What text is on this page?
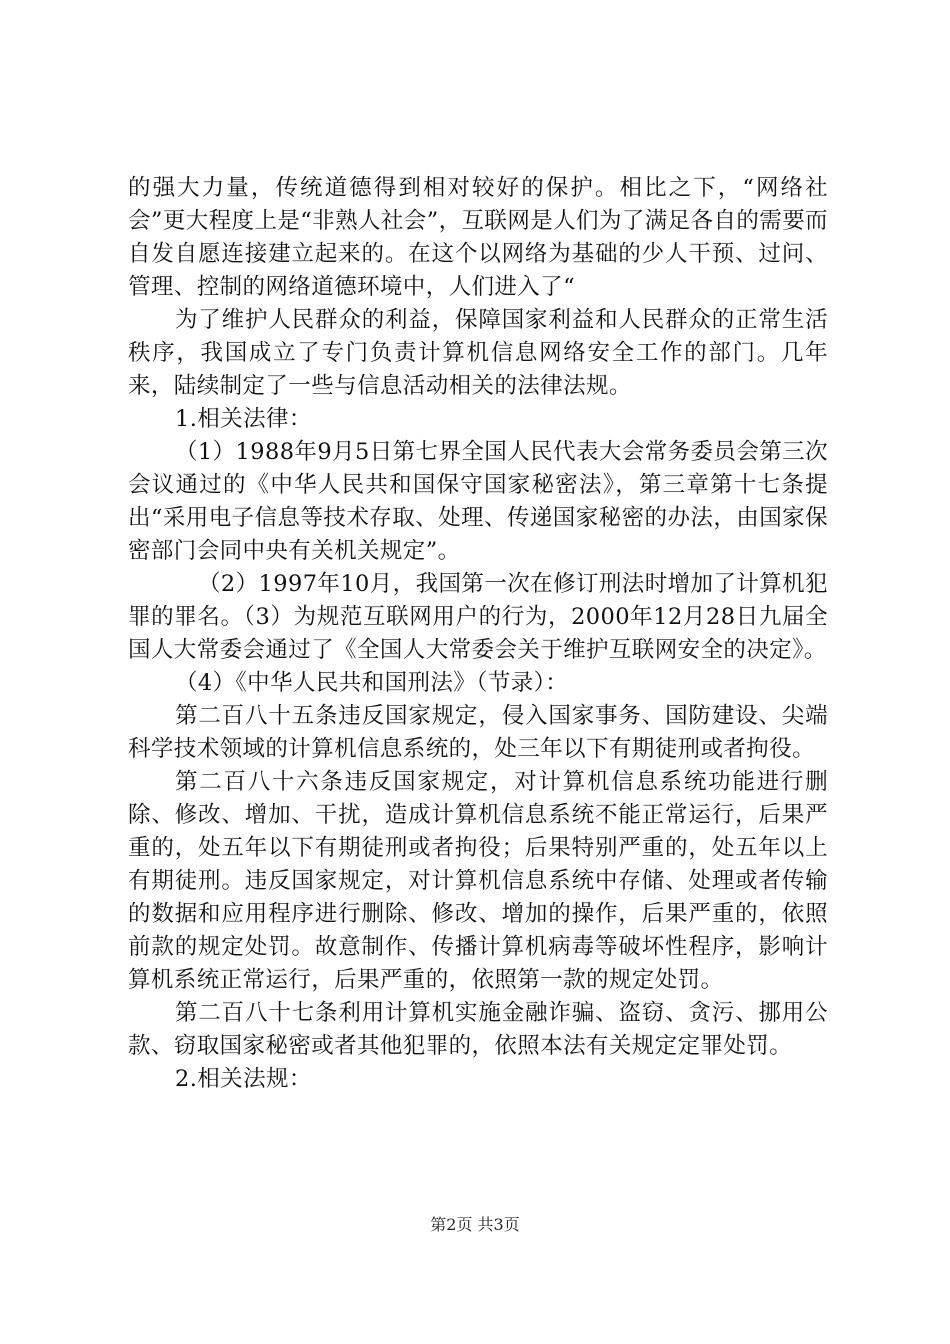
的强大力量，传统道德得到相对较好的保护。相比之下，“网络社会”更大程度上是“非熟人社会”，互联网是人们为了满足各自的需要而自发自愿连接建立起来的。在这个以网络为基础的少人干预、过问、管理、控制的网络道德环境中，人们进入了“

为了维护人民群众的利益，保障国家利益和人民群众的正常生活秩序，我国成立了专门负责计算机信息网络安全工作的部门。几年来，陆续制定了一些与信息活动相关的法律法规。

1.相关法律：

（1）1988年9月5日第七界全国人民代表大会常务委员会第三次会议通过的《中华人民共和国保守国家秘密法》，第三章第十七条提出“采用电子信息等技术存取、处理、传递国家秘密的办法，由国家保密部门会同中央有关机关规定”。

（2）1997年10月，我国第一次在修订刑法时增加了计算机犯罪的罪名。（3）为规范互联网用户的行为，2000年12月28日九届全国人大常委会通过了《全国人大常委会关于维护互联网安全的决定》。

（4）《中华人民共和国刑法》（节录）：

第二百八十五条违反国家规定，侵入国家事务、国防建设、尖端科学技术领域的计算机信息系统的，处三年以下有期徒刑或者拘役。

第二百八十六条违反国家规定，对计算机信息系统功能进行删除、修改、增加、干扰，造成计算机信息系统不能正常运行，后果严重的，处五年以下有期徒刑或者拘役；后果特别严重的，处五年以上有期徒刑。违反国家规定，对计算机信息系统中存储、处理或者传输的数据和应用程序进行删除、修改、增加的操作，后果严重的，依照前款的规定处罚。故意制作、传播计算机病毒等破坏性程序，影响计算机系统正常运行，后果严重的，依照第一款的规定处罚。

第二百八十七条利用计算机实施金融诈骗、盗窃、贪污、挪用公款、窃取国家秘密或者其他犯罪的，依照本法有关规定定罪处罚。

2.相关法规：

第2页 共3页
